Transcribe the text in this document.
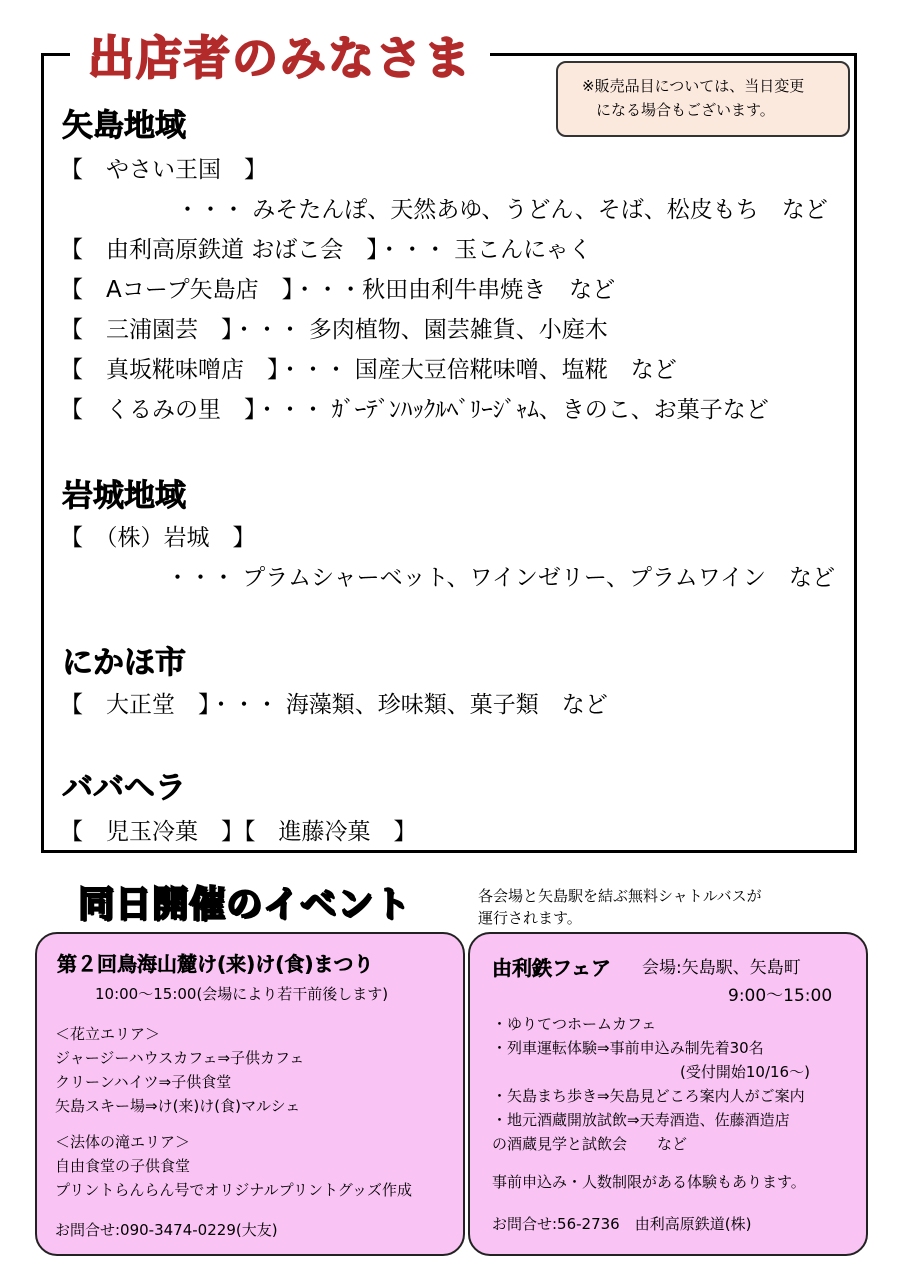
出店者のみなさま
※販売品目については、当日変更
になる場合もございます。
矢島地域
【　やさい王国　】
・・・ みそたんぽ、天然あゆ、うどん、そば、松皮もち　など
【　由利高原鉄道 おばこ会　】・・・ 玉こんにゃく
【　Aコープ矢島店　】・・・秋田由利牛串焼き　など
【　三浦園芸　】・・・ 多肉植物、園芸雑貨、小庭木
【　真坂糀味噌店　】・・・ 国産大豆倍糀味噌、塩糀　など
【　くるみの里　】・・・ ｶﾞｰﾃﾞﾝﾊｯｸﾙﾍﾞﾘｰｼﾞｬﾑ、きのこ、お菓子など
岩城地域
【　（株）岩城　】
・・・ プラムシャーベット、ワインゼリー、プラムワイン　など
にかほ市
【　大正堂　】・・・ 海藻類、珍味類、菓子類　など
ババヘラ
【　児玉冷菓　】【　進藤冷菓　】
同日開催のイベント	各会場と矢島駅を結ぶ無料シャトルバスが
運行されます。
第２回鳥海山麓け(来)け(食)まつり
10:00～15:00(会場により若干前後します)
＜花立エリア＞
ジャージーハウスカフェ⇒子供カフェ
クリーンハイツ⇒子供食堂
矢島スキー場⇒け(来)け(食)マルシェ
＜法体の滝エリア＞
自由食堂の子供食堂
プリントらんらん号でオリジナルプリントグッズ作成
お問合せ:090-3474-0229(大友)
由利鉄フェア 会場:矢島駅、矢島町
9:00～15:00
・ゆりてつホームカフェ
・列車運転体験⇒事前申込み制先着30名
(受付開始10/16～)
・矢島まち歩き⇒矢島見どころ案内人がご案内
・地元酒蔵開放試飲⇒天寿酒造、佐藤酒造店
の酒蔵見学と試飲会　　など
事前申込み・人数制限がある体験もあります。
お問合せ:56-2736　由利高原鉄道(株)
